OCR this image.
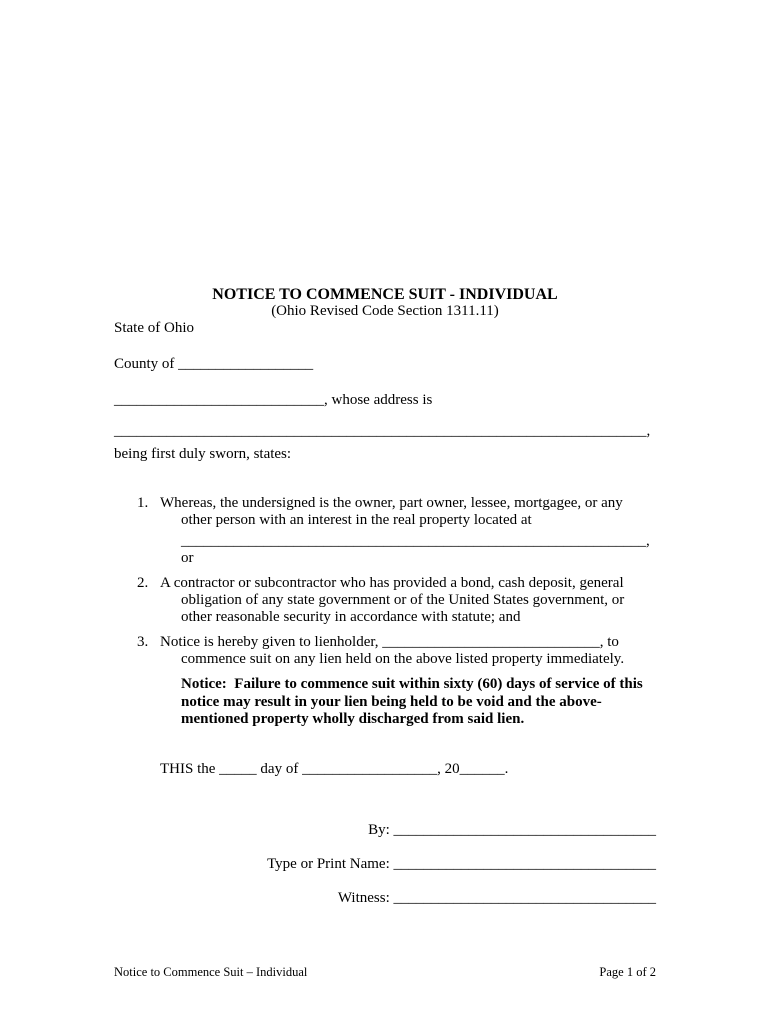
NOTICE TO COMMENCE SUIT - INDIVIDUAL
(Ohio Revised Code Section 1311.11)

State of Ohio

County of __________________

____________________________, whose address is

_______________________________________________________________________,

being first duly sworn, states:

1. Whereas, the undersigned is the owner, part owner, lessee, mortgagee, or any other person with an interest in the real property located at
______________________________________________________________,
or
2. A contractor or subcontractor who has provided a bond, cash deposit, general obligation of any state government or of the United States government, or other reasonable security in accordance with statute; and
3. Notice is hereby given to lienholder, _____________________________, to commence suit on any lien held on the above listed property immediately.
Notice:  Failure to commence suit within sixty (60) days of service of this notice may result in your lien being held to be void and the above-mentioned property wholly discharged from said lien.

THIS the _____ day of __________________, 20______.

By: ___________________________________

Type or Print Name: ___________________________________

Witness: ___________________________________

Notice to Commence Suit – Individual	Page 1 of 2
